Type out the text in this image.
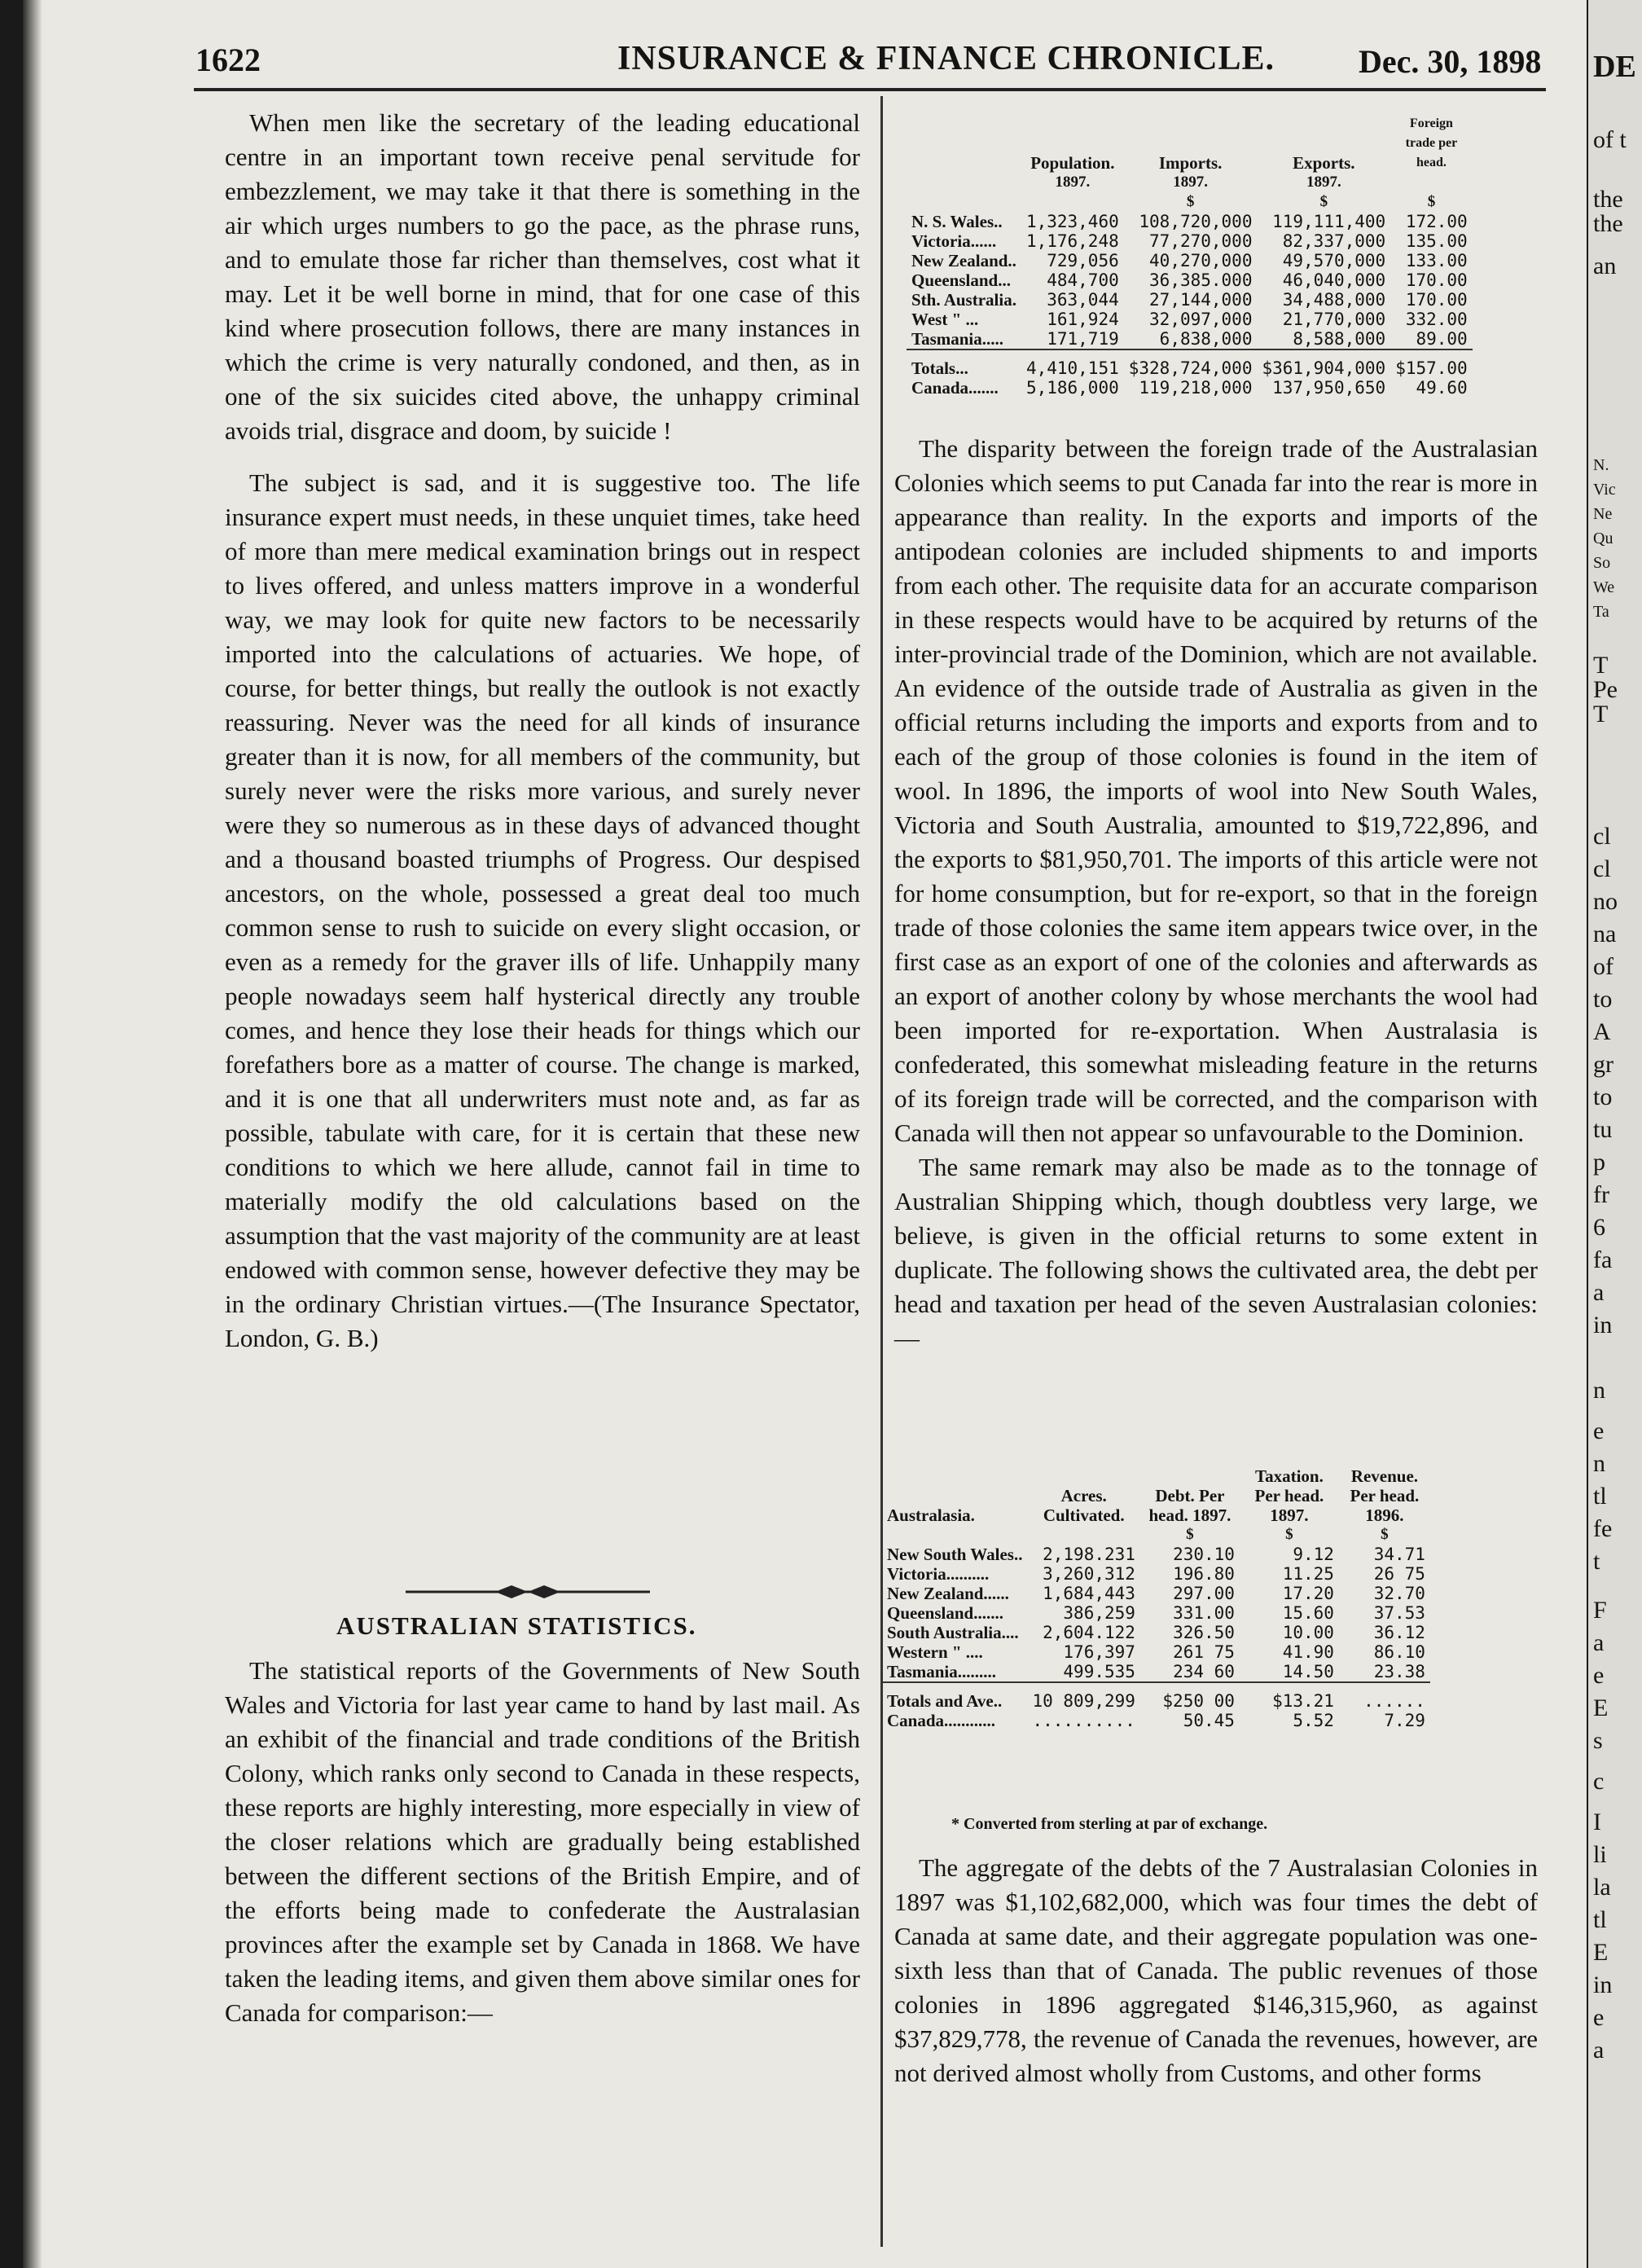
1622	INSURANCE & FINANCE CHRONICLE.	Dec. 30, 1898

When men like the secretary of the leading educational centre in an important town receive penal servitude for embezzlement, we may take it that there is something in the air which urges numbers to go the pace, as the phrase runs, and to emulate those far richer than themselves, cost what it may. Let it be well borne in mind, that for one case of this kind where prosecution follows, there are many instances in which the crime is very naturally condoned, and then, as in one of the six suicides cited above, the unhappy criminal avoids trial, disgrace and doom, by suicide !

The subject is sad, and it is suggestive too. The life insurance expert must needs, in these unquiet times, take heed of more than mere medical examination brings out in respect to lives offered, and unless matters improve in a wonderful way, we may look for quite new factors to be necessarily imported into the calculations of actuaries. We hope, of course, for better things, but really the outlook is not exactly reassuring. Never was the need for all kinds of insurance greater than it is now, for all members of the community, but surely never were the risks more various, and surely never were they so numerous as in these days of advanced thought and a thousand boasted triumphs of Progress. Our despised ancestors, on the whole, possessed a great deal too much common sense to rush to suicide on every slight occasion, or even as a remedy for the graver ills of life. Unhappily many people nowadays seem half hysterical directly any trouble comes, and hence they lose their heads for things which our forefathers bore as a matter of course. The change is marked, and it is one that all underwriters must note and, as far as possible, tabulate with care, for it is certain that these new conditions to which we here allude, cannot fail in time to materially modify the old calculations based on the assumption that the vast majority of the community are at least endowed with common sense, however defective they may be in the ordinary Christian virtues.—(The Insurance Spectator, London, G. B.)

AUSTRALIAN STATISTICS.

The statistical reports of the Governments of New South Wales and Victoria for last year came to hand by last mail. As an exhibit of the financial and trade conditions of the British Colony, which ranks only second to Canada in these respects, these reports are highly interesting, more especially in view of the closer relations which are gradually being established between the different sections of the British Empire, and of the efforts being made to confederate the Australasian provinces after the example set by Canada in 1868. We have taken the leading items, and given them above similar ones for Canada for comparison:—

	Population.	Imports.	Exports.	Foreign trade per head.
	1897.	1897.	1897.	
		$	$	$
N. S. Wales..	1,323,460	108,720,000	119,111,400	172.00
Victoria......	1,176,248	77,270,000	82,337,000	135.00
New Zealand..	729,056	40,270,000	49,570,000	133.00
Queensland...	484,700	36,385.000	46,040,000	170.00
Sth. Australia.	363,044	27,144,000	34,488,000	170.00
West " ...	161,924	32,097,000	21,770,000	332.00
Tasmania.....	171,719	6,838,000	8,588,000	89.00
Totals...	4,410,151	$328,724,000	$361,904,000	$157.00
Canada.......	5,186,000	119,218,000	137,950,650	49.60

The disparity between the foreign trade of the Australasian Colonies which seems to put Canada far into the rear is more in appearance than reality. In the exports and imports of the antipodean colonies are included shipments to and imports from each other. The requisite data for an accurate comparison in these respects would have to be acquired by returns of the inter-provincial trade of the Dominion, which are not available. An evidence of the outside trade of Australia as given in the official returns including the imports and exports from and to each of the group of those colonies is found in the item of wool. In 1896, the imports of wool into New South Wales, Victoria and South Australia, amounted to $19,722,896, and the exports to $81,950,701. The imports of this article were not for home consumption, but for re-export, so that in the foreign trade of those colonies the same item appears twice over, in the first case as an export of one of the colonies and afterwards as an export of another colony by whose merchants the wool had been imported for re-exportation. When Australasia is confederated, this somewhat misleading feature in the returns of its foreign trade will be corrected, and the comparison with Canada will then not appear so unfavourable to the Dominion.

The same remark may also be made as to the tonnage of Australian Shipping which, though doubtless very large, we believe, is given in the official returns to some extent in duplicate. The following shows the cultivated area, the debt per head and taxation per head of the seven Australasian colonies:—

Australasia.	Acres. Cultivated.	Debt. Per head. 1897.	Taxation. Per head. 1897.	Revenue. Per head. 1896.
		$	$	$
New South Wales..	2,198.231	230.10	9.12	34.71
Victoria..........	3,260,312	196.80	11.25	26 75
New Zealand......	1,684,443	297.00	17.20	32.70
Queensland.......	386,259	331.00	15.60	37.53
South Australia....	2,604.122	326.50	10.00	36.12
Western " ....	176,397	261 75	41.90	86.10
Tasmania.........	499.535	234 60	14.50	23.38
Totals and Ave..	10 809,299	$250 00	$13.21	......
Canada............	..........	50.45	5.52	7.29
* Converted from sterling at par of exchange.

The aggregate of the debts of the 7 Australasian Colonies in 1897 was $1,102,682,000, which was four times the debt of Canada at same date, and their aggregate population was one-sixth less than that of Canada. The public revenues of those colonies in 1896 aggregated $146,315,960, as against $37,829,778, the revenue of Canada the revenues, however, are not derived almost wholly from Customs, and other forms

DE
of t
the
the
an
N.
Vic
Ne
Qu
So
We
Ta
T
Pe
T
cl
cl
no
na
of
to
A
gr
to
tu
p
fr
6
fa
a
in
n
e
n
tl
fe
t
F
a
e
E
s
c
I
li
la
tl
E
in
e
a
